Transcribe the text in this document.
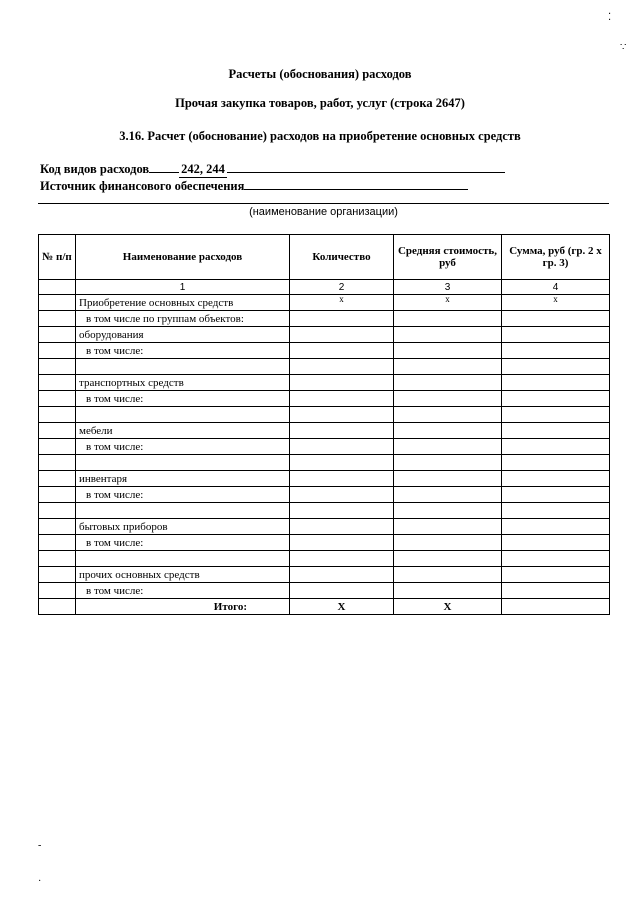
Расчеты (обоснования) расходов
Прочая закупка товаров, работ, услуг (строка 2647)
3.16. Расчет (обоснование) расходов на приобретение основных средств
Код видов расходов	242, 244
Источник финансового обеспечения
(наименование организации)
№ п/п	Наименование расходов	Количество	Средняя стоимость, руб	Сумма, руб (гр. 2 х гр. 3)
	1	2	3	4
	Приобретение основных средств	x	x	x
	в том числе по группам объектов:			
	оборудования			
	в том числе:			

	транспортных средств			
	в том числе:			

	мебели			
	в том числе:			

	инвентаря			
	в том числе:			

	бытовых приборов			
	в том числе:			

	прочих основных средств			
	в том числе:			
	Итого:	X	X	
⁚
∵
-
·
